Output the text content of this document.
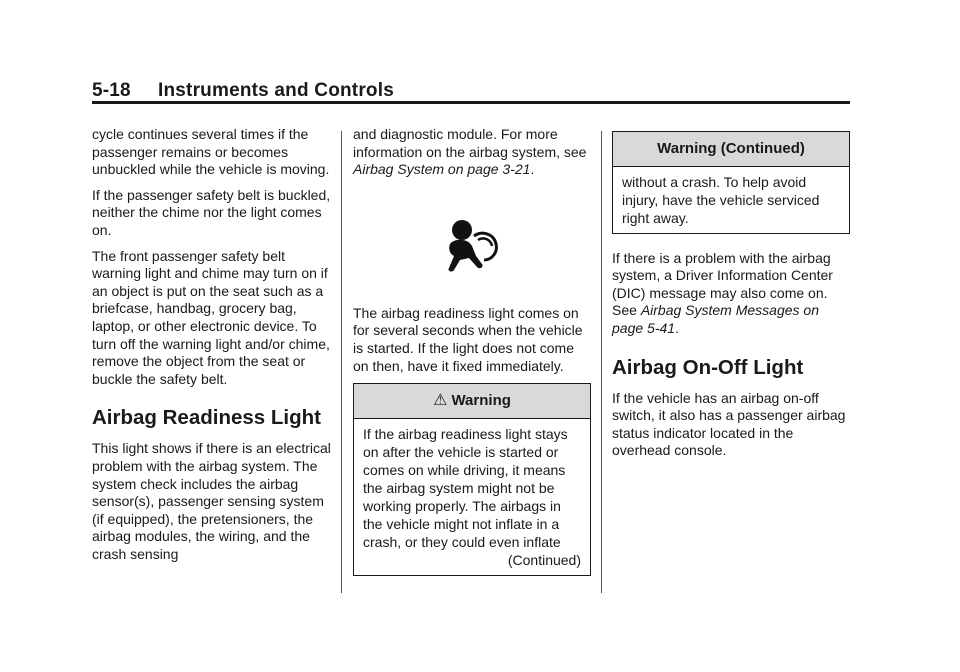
5-18 Instruments and Controls

cycle continues several times if the passenger remains or becomes unbuckled while the vehicle is moving.

If the passenger safety belt is buckled, neither the chime nor the light comes on.

The front passenger safety belt warning light and chime may turn on if an object is put on the seat such as a briefcase, handbag, grocery bag, laptop, or other electronic device. To turn off the warning light and/or chime, remove the object from the seat or buckle the safety belt.

Airbag Readiness Light

This light shows if there is an electrical problem with the airbag system. The system check includes the airbag sensor(s), passenger sensing system (if equipped), the pretensioners, the airbag modules, the wiring, and the crash sensing

and diagnostic module. For more information on the airbag system, see Airbag System on page 3-21.

The airbag readiness light comes on for several seconds when the vehicle is started. If the light does not come on then, have it fixed immediately.

⚠ Warning
If the airbag readiness light stays on after the vehicle is started or comes on while driving, it means the airbag system might not be working properly. The airbags in the vehicle might not inflate in a crash, or they could even inflate
(Continued)
Warning (Continued)
without a crash. To help avoid injury, have the vehicle serviced right away.

If there is a problem with the airbag system, a Driver Information Center (DIC) message may also come on. See Airbag System Messages on page 5-41.

Airbag On-Off Light

If the vehicle has an airbag on-off switch, it also has a passenger airbag status indicator located in the overhead console.
